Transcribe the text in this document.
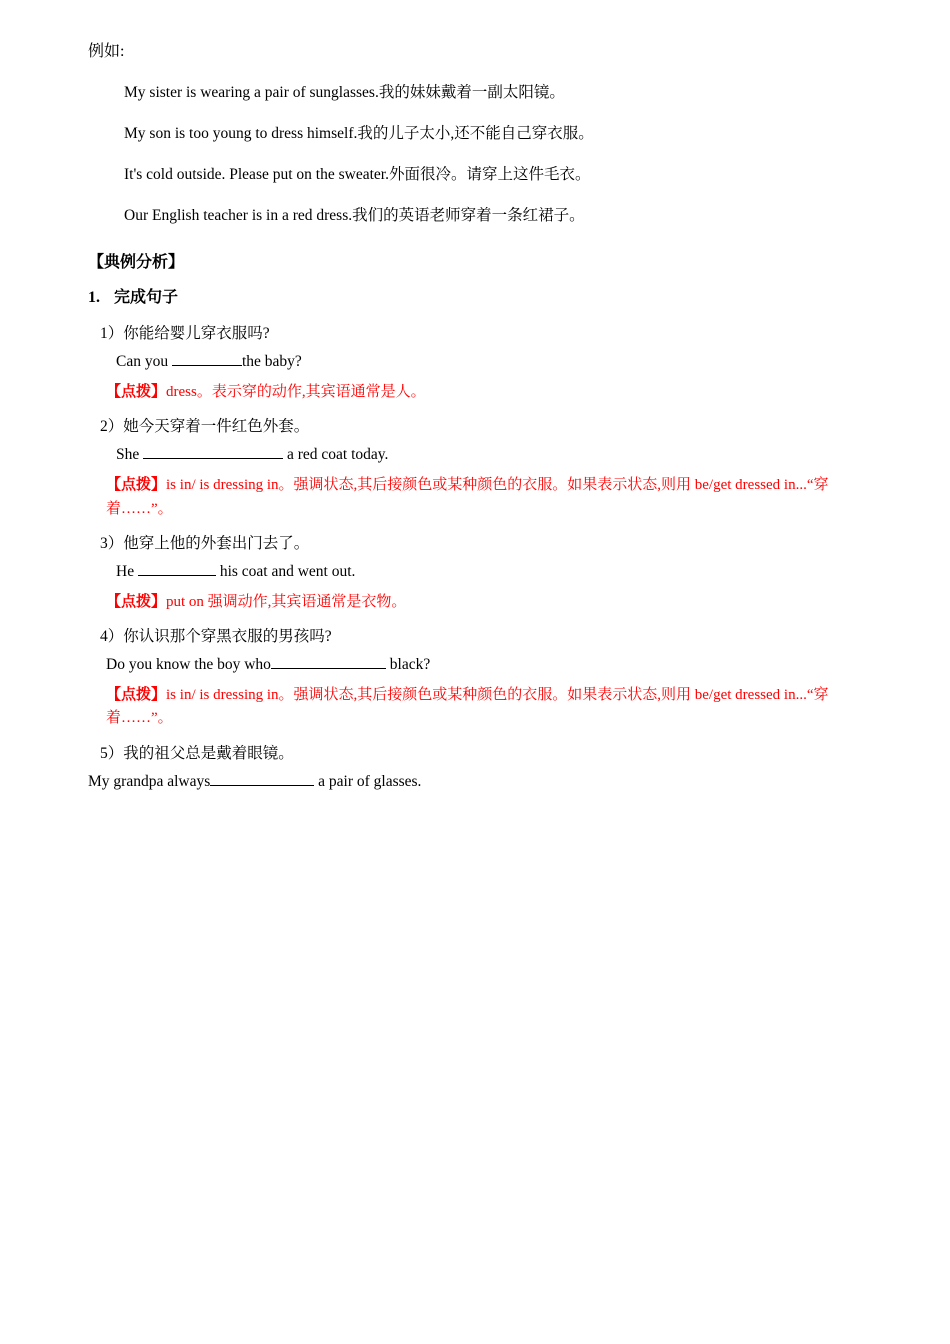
例如:
My sister is wearing a pair of sunglasses.我的妹妹戴着一副太阳镜。
My son is too young to dress himself.我的儿子太小,还不能自己穿衣服。
It's cold outside. Please put on the sweater.外面很冷。请穿上这件毛衣。
Our English teacher is in a red dress.我们的英语老师穿着一条红裙子。
【典例分析】
1. 完成句子
1）你能给婴儿穿衣服吗?
Can you	the baby?
【点拨】dress。表示穿的动作,其宾语通常是人。
2）她今天穿着一件红色外套。
She	a red coat today.
【点拨】is in/ is dressing in。强调状态,其后接颜色或某种颜色的衣服。如果表示状态,则用 be/get dressed in...“穿着……”。
3）他穿上他的外套出门去了。
He	his coat and went out.
【点拨】put on 强调动作,其宾语通常是衣物。
4）你认识那个穿黑衣服的男孩吗?
Do you know the boy who	black?
【点拨】is in/ is dressing in。强调状态,其后接颜色或某种颜色的衣服。如果表示状态,则用 be/get dressed in...“穿着……”。
5）我的祖父总是戴着眼镜。
My grandpa always	a pair of glasses.
